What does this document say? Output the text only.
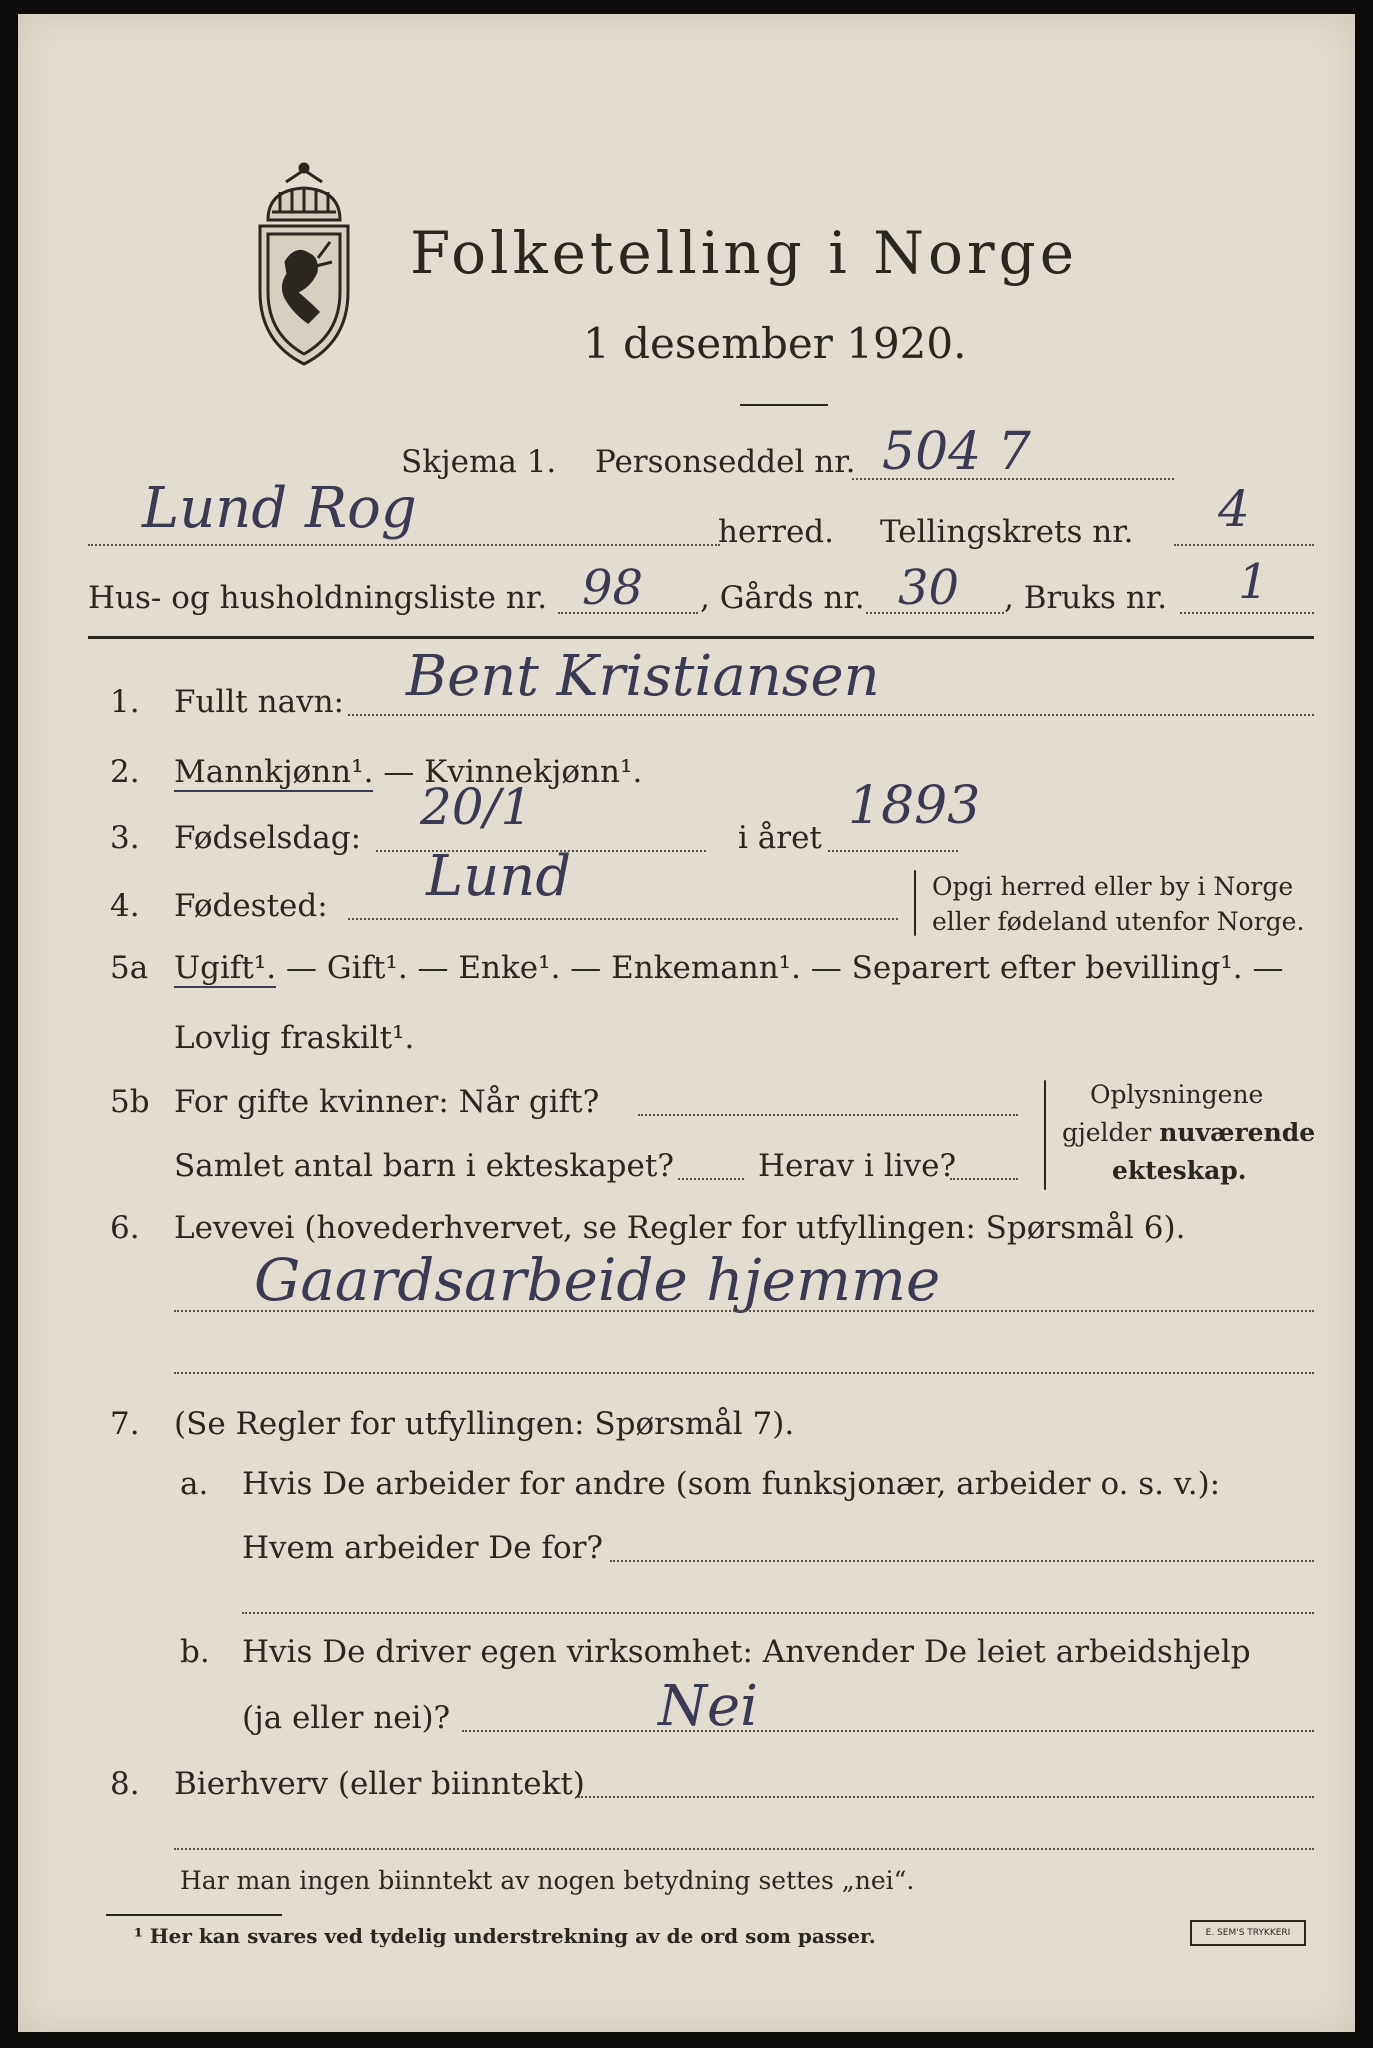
Folketelling i Norge
1 desember 1920.
Skjema 1. Personseddel nr. 504 7
Lund Rog	herred. Tellingskrets nr. 4
Hus- og husholdningsliste nr. 98 , Gårds nr. 30 , Bruks nr. 1
1. Fullt navn: Bent Kristiansen
2. Mannkjønn¹. — Kvinnekjønn¹.
3. Fødselsdag:
20/1
i året
1893
4. Fødested: Lund	Opgi herred eller by i Norge
eller fødeland utenfor Norge.
5a Ugift¹. — Gift¹. — Enke¹. — Enkemann¹. — Separert efter bevilling¹. —
Lovlig fraskilt¹.
5b For gifte kvinner: Når gift?
Samlet antal barn i ekteskapet?	Herav i live?
Oplysningene
gjelder nuværende
ekteskap.
6. Levevei (hovederhvervet, se Regler for utfyllingen: Spørsmål 6).
Gaardsarbeide hjemme
7. (Se Regler for utfyllingen: Spørsmål 7).
a. Hvis De arbeider for andre (som funksjonær, arbeider o. s. v.):
Hvem arbeider De for?
b. Hvis De driver egen virksomhet: Anvender De leiet arbeidshjelp
(ja eller nei)?	Nei
8. Bierhverv (eller biinntekt)
Har man ingen biinntekt av nogen betydning settes „nei“.
¹ Her kan svares ved tydelig understrekning av de ord som passer.	E. SEM'S TRYKKERI
